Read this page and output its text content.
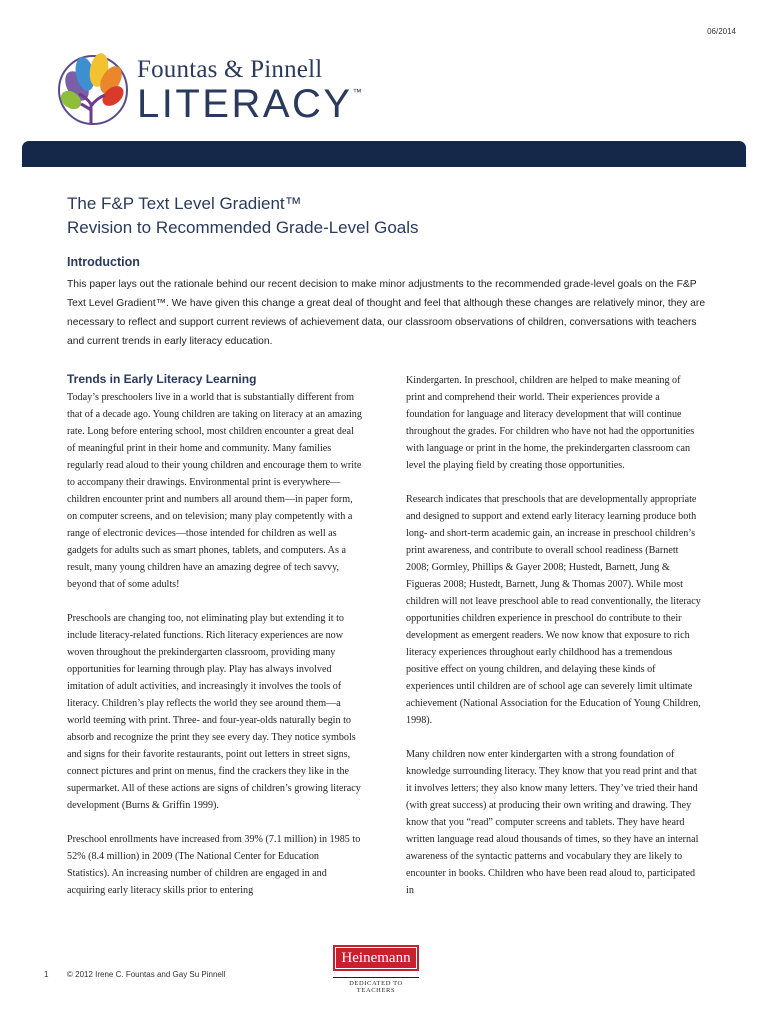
06/2014
Fountas & Pinnell
LITERACY™
The F&P Text Level Gradient™
Revision to Recommended Grade-Level Goals
Introduction

This paper lays out the rationale behind our recent decision to make minor adjustments to the recommended grade-level goals on the F&P Text Level Gradient™. We have given this change a great deal of thought and feel that although these changes are relatively minor, they are necessary to reflect and support current reviews of achievement data, our classroom observations of children, conversations with teachers and current trends in early literacy education.

Trends in Early Literacy Learning

Today’s preschoolers live in a world that is substantially different from that of a decade ago. Young children are taking on literacy at an amazing rate. Long before entering school, most children encounter a great deal of meaningful print in their home and community. Many families regularly read aloud to their young children and encourage them to write to accompany their drawings. Environmental print is everywhere—children encounter print and numbers all around them—in paper form, on computer screens, and on television; many play competently with a range of electronic devices—those intended for children as well as gadgets for adults such as smart phones, tablets, and computers. As a result, many young children have an amazing degree of tech savvy, beyond that of some adults!

Preschools are changing too, not eliminating play but extending it to include literacy-related functions. Rich literacy experiences are now woven throughout the prekindergarten classroom, providing many opportunities for learning through play. Play has always involved imitation of adult activities, and increasingly it involves the tools of literacy. Children’s play reflects the world they see around them—a world teeming with print. Three- and four-year-olds naturally begin to absorb and recognize the print they see every day. They notice symbols and signs for their favorite restaurants, point out letters in street signs, connect pictures and print on menus, find the crackers they like in the supermarket. All of these actions are signs of children’s growing literacy development (Burns & Griffin 1999).

Preschool enrollments have increased from 39% (7.1 million) in 1985 to 52% (8.4 million) in 2009 (The National Center for Education Statistics). An increasing number of children are engaged in and acquiring early literacy skills prior to entering

Kindergarten. In preschool, children are helped to make meaning of print and comprehend their world. Their experiences provide a foundation for language and literacy development that will continue throughout the grades. For children who have not had the opportunities with language or print in the home, the prekindergarten classroom can level the playing field by creating those opportunities.

Research indicates that preschools that are developmentally appropriate and designed to support and extend early literacy learning produce both long- and short-term academic gain, an increase in preschool children’s print awareness, and contribute to overall school readiness (Barnett 2008; Gormley, Phillips & Gayer 2008; Hustedt, Barnett, Jung & Figueras 2008; Hustedt, Barnett, Jung & Thomas 2007). While most children will not leave preschool able to read conventionally, the literacy opportunities children experience in preschool do contribute to their development as emergent readers. We now know that exposure to rich literacy experiences throughout early childhood has a tremendous positive effect on young children, and delaying these kinds of experiences until children are of school age can severely limit ultimate achievement (National Association for the Education of Young Children, 1998).

Many children now enter kindergarten with a strong foundation of knowledge surrounding literacy. They know that you read print and that it involves letters; they also know many letters. They’ve tried their hand (with great success) at producing their own writing and drawing. They know that you “read” computer screens and tablets. They have heard written language read aloud thousands of times, so they have an internal awareness of the syntactic patterns and vocabulary they are likely to encounter in books. Children who have been read aloud to, participated in

1 © 2012 Irene C. Fountas and Gay Su Pinnell
Heinemann
DEDICATED TO TEACHERS
